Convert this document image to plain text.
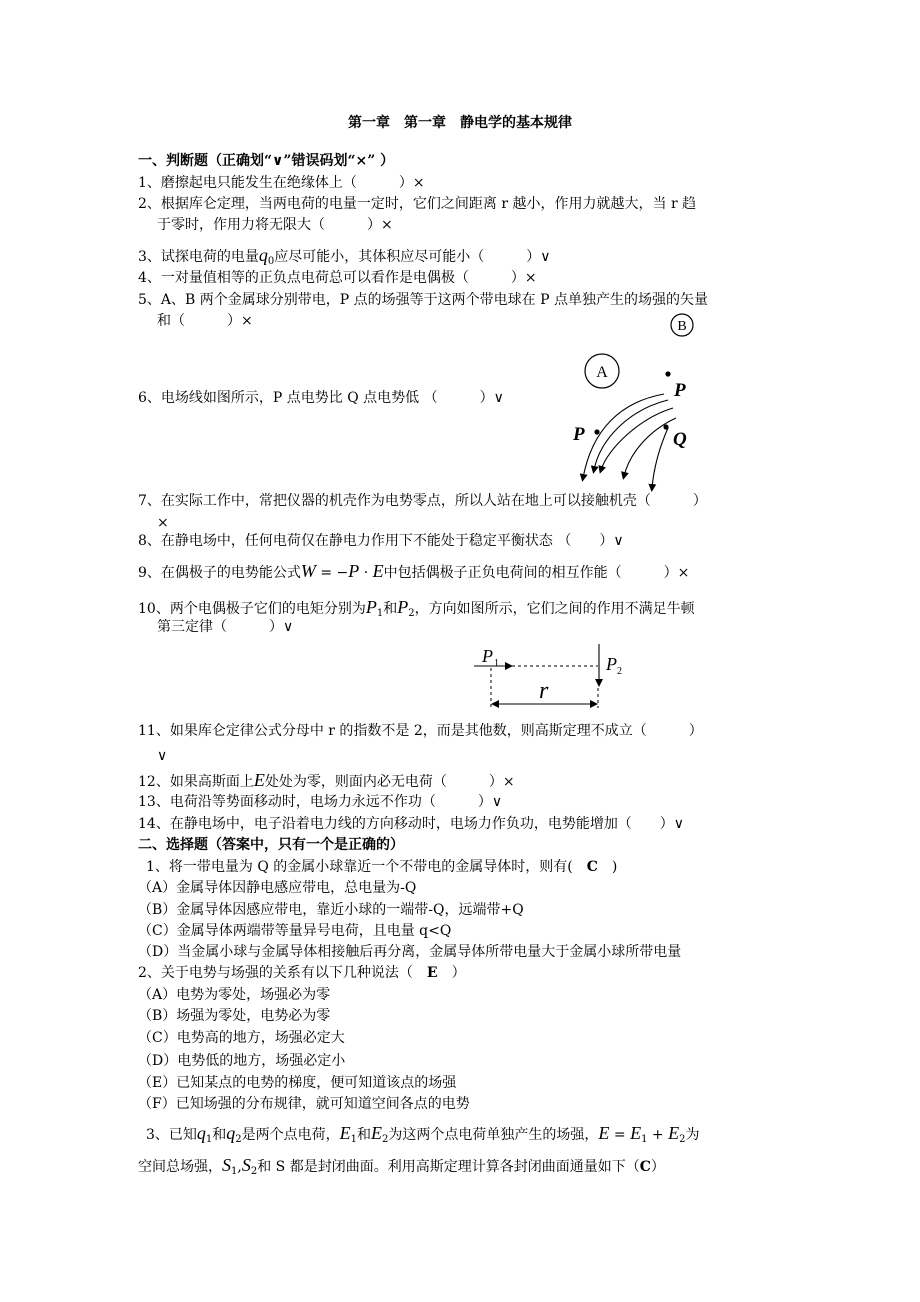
第一章　第一章　静电学的基本规律
一、判断题（正确划“∨”错误码划“×” ）
1、磨擦起电只能发生在绝缘体上（　　　）×
2、根据库仑定理，当两电荷的电量一定时，它们之间距离 r 越小，作用力就越大，当 r 趋
于零时，作用力将无限大（　　　）×
3、试探电荷的电量$q_0$应尽可能小，其体积应尽可能小（　　　）∨
4、一对量值相等的正负点电荷总可以看作是电偶极（　　　）×
5、A、B 两个金属球分别带电，P 点的场强等于这两个带电球在 P 点单独产生的场强的矢量
和（　　　）×
6、电场线如图所示，P 点电势比 Q 点电势低 （　　　）∨
B
A
P
P	Q
7、在实际工作中，常把仪器的机壳作为电势零点，所以人站在地上可以接触机壳（　　　）
×
8、在静电场中，任何电荷仅在静电力作用下不能处于稳定平衡状态 （　　）∨
9、在偶极子的电势能公式W = −P · E中包括偶极子正负电荷间的相互作能（　　　）×
10、两个电偶极子它们的电矩分别为$P_1$和$P_2$，方向如图所示，它们之间的作用不满足牛顿
第三定律（　　　）∨
P 1	P 2
r
11、如果库仑定律公式分母中 r 的指数不是 2，而是其他数，则高斯定理不成立（　　　）
∨
12、如果高斯面上E处处为零，则面内必无电荷（　　　）×
13、电荷沿等势面移动时，电场力永远不作功（　　　）∨
14、在静电场中，电子沿着电力线的方向移动时，电场力作负功，电势能增加（　　）∨
二、选择题（答案中，只有一个是正确的）
1、将一带电量为 Q 的金属小球靠近一个不带电的金属导体时，则有(　C　)
（A）金属导体因静电感应带电，总电量为-Q
（B）金属导体因感应带电，靠近小球的一端带-Q，远端带+Q
（C）金属导体两端带等量异号电荷，且电量 q<Q
（D）当金属小球与金属导体相接触后再分离，金属导体所带电量大于金属小球所带电量
2、关于电势与场强的关系有以下几种说法（　E　）
（A）电势为零处，场强必为零
（B）场强为零处，电势必为零
（C）电势高的地方，场强必定大
（D）电势低的地方，场强必定小
（E）已知某点的电势的梯度，便可知道该点的场强
（F）已知场强的分布规律，就可知道空间各点的电势
3、已知$q_1$和$q_2$是两个点电荷，$E_1$和$E_2$为这两个点电荷单独产生的场强，$E = E_1 + E_2$为
空间总场强，$S_1,S_2$和 S 都是封闭曲面。利用高斯定理计算各封闭曲面通量如下（C）
